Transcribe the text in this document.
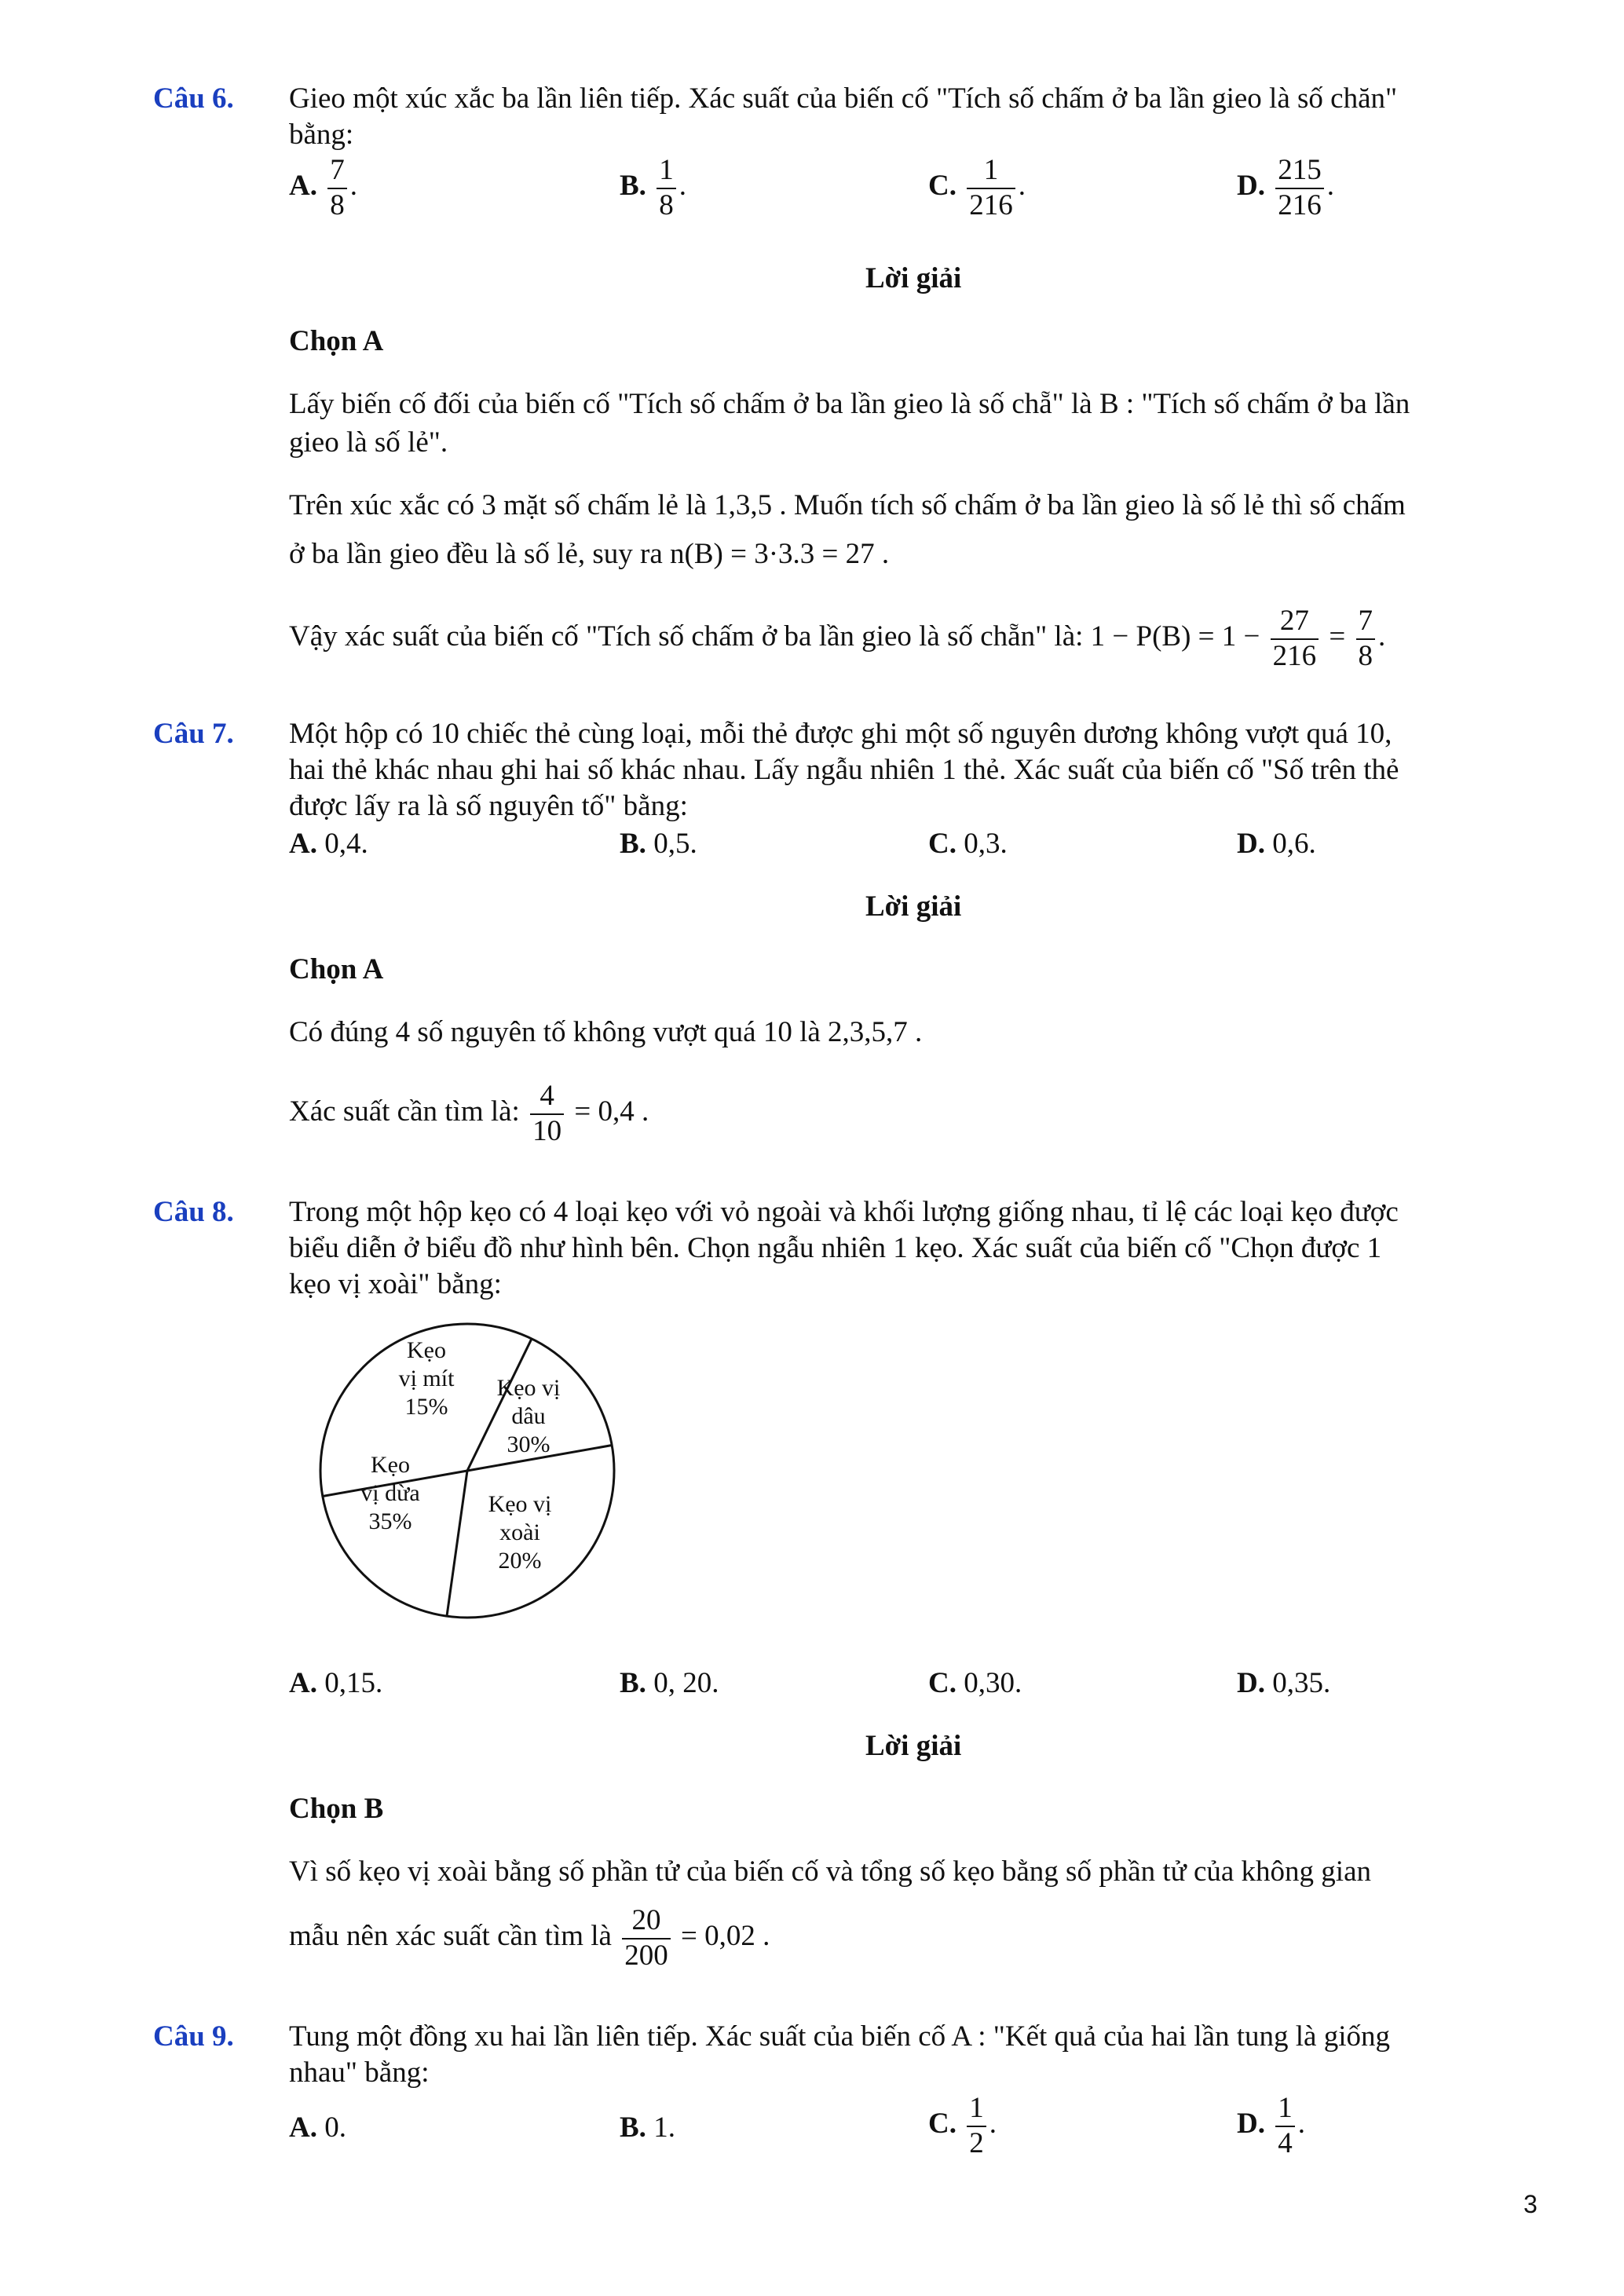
Câu 6. Gieo một xúc xắc ba lần liên tiếp. Xác suất của biến cố "Tích số chấm ở ba lần gieo là số chăn"
bằng:
A. $\frac{7}{8}$ .	B. $\frac{1}{8}$ .	C. $\frac{1}{216}$ .	D. $\frac{215}{216}$ .
Lời giải
Chọn A
Lấy biến cố đối của biến cố "Tích số chấm ở ba lần gieo là số chẵ" là B : "Tích số chấm ở ba lần
gieo là số lẻ".
Trên xúc xắc có 3 mặt số chấm lẻ là 1,3,5 . Muốn tích số chấm ở ba lần gieo là số lẻ thì số chấm
ở ba lần gieo đều là số lẻ, suy ra n(B) = 3·3.3 = 27 .
Vậy xác suất của biến cố "Tích số chấm ở ba lần gieo là số chẵn" là: $1 - P(B) = 1 - \frac{27}{216} = \frac{7}{8}$ .
Câu 7. Một hộp có 10 chiếc thẻ cùng loại, mỗi thẻ được ghi một số nguyên dương không vượt quá 10,
hai thẻ khác nhau ghi hai số khác nhau. Lấy ngẫu nhiên 1 thẻ. Xác suất của biến cố "Số trên thẻ
được lấy ra là số nguyên tố" bằng:
A. 0,4.	B. 0,5.	C. 0,3.	D. 0,6.
Lời giải
Chọn A
Có đúng 4 số nguyên tố không vượt quá 10 là 2,3,5,7 .
Xác suất cần tìm là: $\frac{4}{10} = 0,4$ .
Câu 8. Trong một hộp kẹo có 4 loại kẹo với vỏ ngoài và khối lượng giống nhau, tỉ lệ các loại kẹo được
biểu diễn ở biểu đồ như hình bên. Chọn ngẫu nhiên 1 kẹo. Xác suất của biến cố "Chọn được 1
kẹo vị xoài" bằng:
Kẹo
vị mít
15%
Kẹo vị
dâu
30%
Kẹo vị
xoài
20%
Kẹo
vị dừa
35%
A. 0,15.	B. 0, 20.	C. 0,30.	D. 0,35.
Lời giải
Chọn B
Vì số kẹo vị xoài bằng số phần tử của biến cố và tổng số kẹo bằng số phần tử của không gian
mẫu nên xác suất cần tìm là $\frac{20}{200} = 0,02$ .
Câu 9. Tung một đồng xu hai lần liên tiếp. Xác suất của biến cố A : "Kết quả của hai lần tung là giống
nhau" bằng:
A. 0.	B. 1.	C. $\frac{1}{2}$ .	D. $\frac{1}{4}$ .
3
